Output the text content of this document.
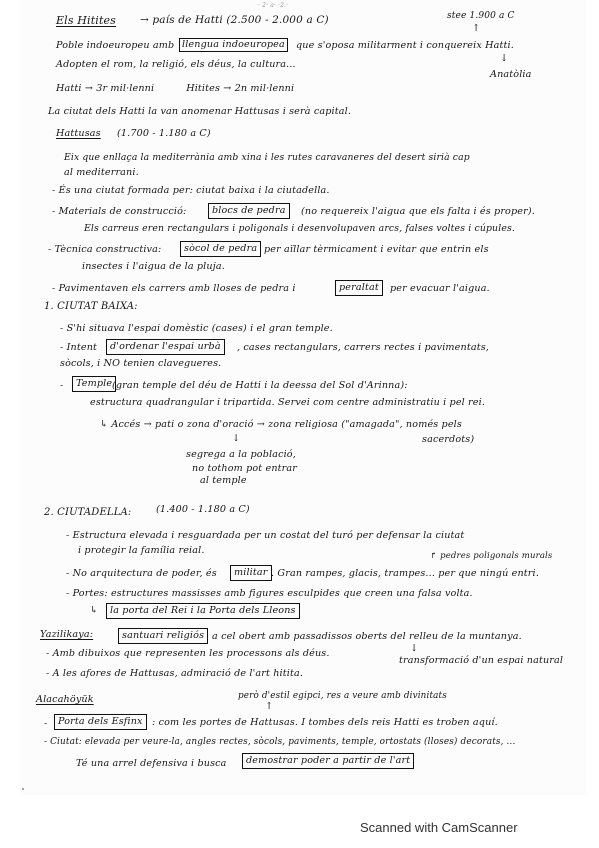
· 2· a· ·2.·
Els Hitites → país de Hatti (2.500 - 2.000 a C)	stee 1.900 a C
↑
Poble indoeuropeu amb llengua indoeuropea	que s'oposa militarment i conquereix Hatti.
↓
Anatòlia
Adopten el rom, la religió, els déus, la cultura...
Hatti → 3r mil·lenni          Hitites → 2n mil·lenni
La ciutat dels Hatti la van anomenar Hattusas i serà capital.
Hattusas (1.700 - 1.180 a C)
Eix que enllaça la mediterrània amb xina i les rutes caravaneres del desert sirià cap
al mediterrani.
- És una ciutat formada per: ciutat baixa i la ciutadella.
- Materials de construcció:	blocs de pedra	(no requereix l'aigua que els falta i és proper).
Els carreus eren rectangulars i poligonals i desenvolupaven arcs, falses voltes i cúpules.
- Tècnica constructiva:	sòcol de pedra per aïllar tèrmicament i evitar que entrin els
insectes i l'aigua de la pluja.
- Pavimentaven els carrers amb lloses de pedra i	peraltat	per evacuar l'aigua.
1. CIUTAT BAIXA:
- S'hi situava l'espai domèstic (cases) i el gran temple.
- Intent	d'ordenar l'espai urbà	, cases rectangulars, carrers rectes i pavimentats,
sòcols, i NO tenien clavegueres.
-	Temple (gran temple del déu de Hatti i la deessa del Sol d'Arinna):
estructura quadrangular i tripartida. Servei com centre administratiu i pel rei.
↳ Accés → pati o zona d'oració → zona religiosa ("amagada", només pels
sacerdots)
↓
segrega a la població,
no tothom pot entrar
al temple
2. CIUTADELLA:	(1.400 - 1.180 a C)
- Estructura elevada i resguardada per un costat del turó per defensar la ciutat
i protegir la família reial.	↱ pedres poligonals murals
- No arquitectura de poder, és	militar . Gran rampes, glacis, trampes... per que ningú entri.
- Portes: estructures massisses amb figures esculpides que creen una falsa volta.
↳	la porta del Rei i la Porta dels Lleons
Yazilikaya:	santuari religiós a cel obert amb passadissos oberts del relleu de la muntanya.
- Amb dibuixos que representen les processons als déus.	↓
transformació d'un espai natural
- A les afores de Hattusas, admiració de l'art hitita.
Alacahöyük	però d'estil egipci, res a veure amb divinitats
↑
-	Porta dels Esfinx : com les portes de Hattusas. I tombes dels reis Hatti es troben aquí.
- Ciutat: elevada per veure-la, angles rectes, sòcols, paviments, temple, ortostats (lloses) decorats, ...
Té una arrel defensiva i busca	demostrar poder a partir de l'art
Scanned with CamScanner
